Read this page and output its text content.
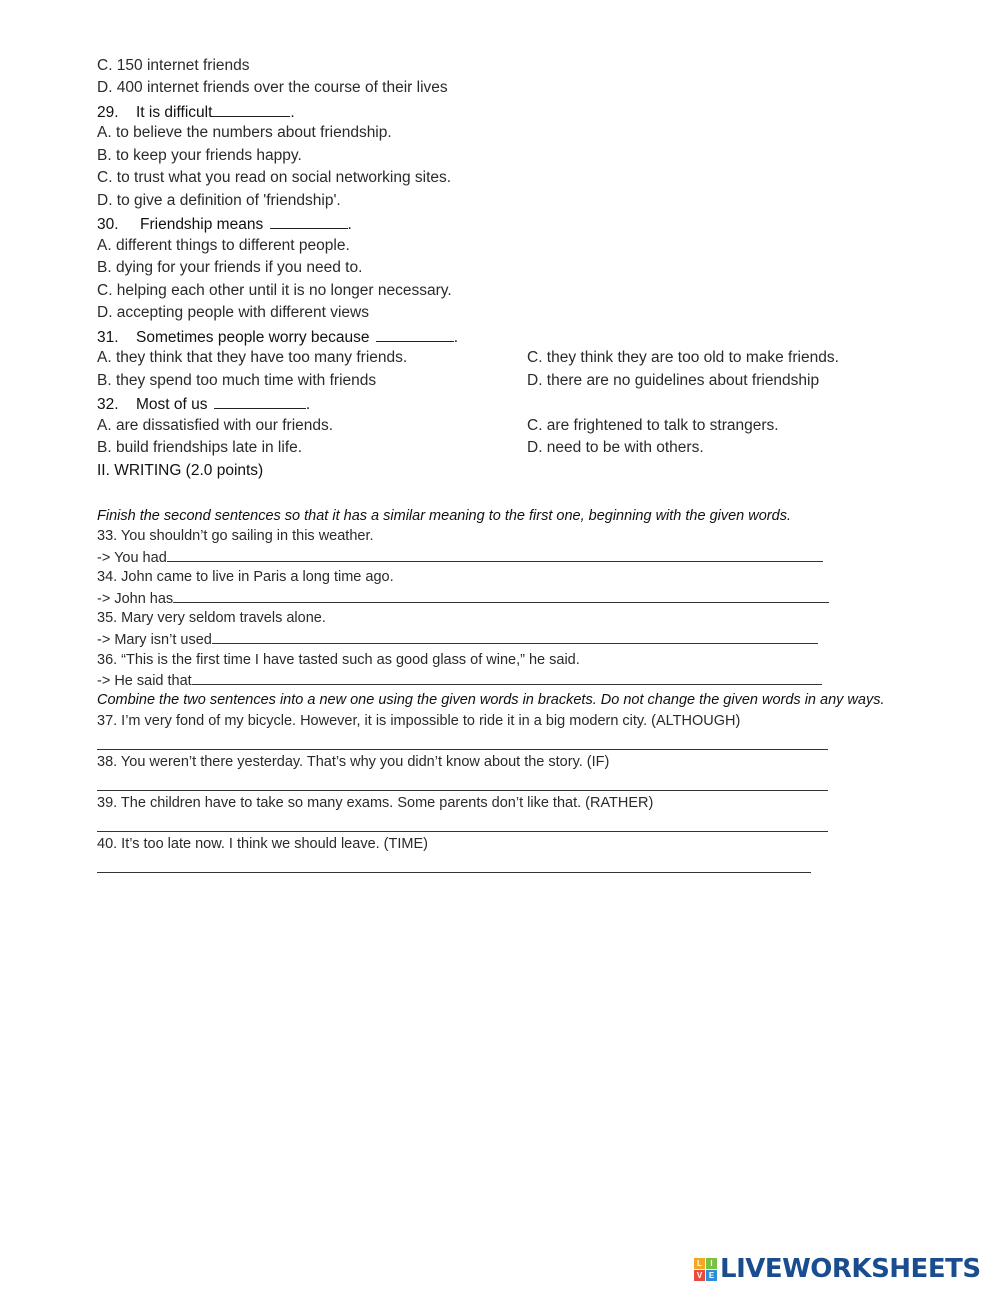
C. 150 internet friends
D. 400 internet friends over the course of their lives
29. It is difficult	.
A. to believe the numbers about friendship.
B. to keep your friends happy.
C. to trust what you read on social networking sites.
D. to give a definition of 'friendship'.
30. Friendship means	.
A. different things to different people.
B. dying for your friends if you need to.
C. helping each other until it is no longer necessary.
D. accepting people with different views
31. Sometimes people worry because	.
A. they think that they have too many friends.	C. they think they are too old to make friends.
B. they spend too much time with friends	D. there are no guidelines about friendship
32. Most of us	.
A. are dissatisfied with our friends.	C. are frightened to talk to strangers.
B. build friendships late in life.	D. need to be with others.
II. WRITING (2.0 points)
Finish the second sentences so that it has a similar meaning to the first one, beginning with the given words.
33. You shouldn’t go sailing in this weather.
-> You had
34. John came to live in Paris a long time ago.
-> John has
35. Mary very seldom travels alone.
-> Mary isn’t used
36. “This is the first time I have tasted such as good glass of wine,” he said.
-> He said that
Combine the two sentences into a new one using the given words in brackets. Do not change the given words in any ways.
37. I’m very fond of my bicycle. However, it is impossible to ride it in a big modern city. (ALTHOUGH)
38. You weren’t there yesterday. That’s why you didn’t know about the story. (IF)
39. The children have to take so many exams. Some parents don’t like that. (RATHER)
40. It’s too late now. I think we should leave. (TIME)
L	I
V E LIVEWORKSHEETS
